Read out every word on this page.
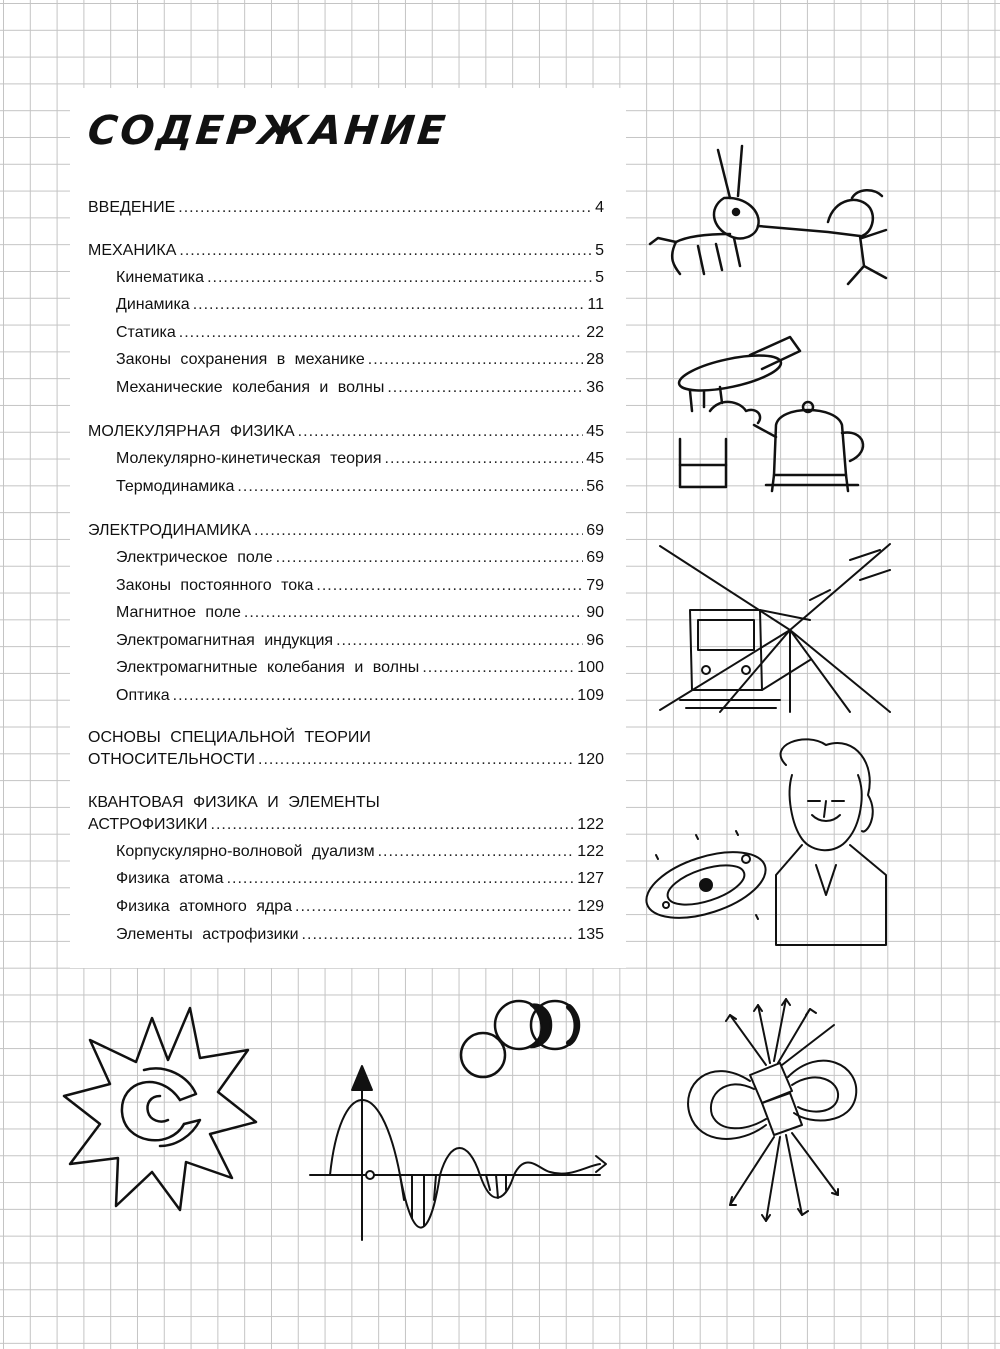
СОДЕРЖАНИЕ
ВВЕДЕНИЕ .....	4
МЕХАНИКА .....	5
Кинематика .....	5
Динамика .....	11
Статика .....	22
Законы сохранения в механике .....	28
Механические колебания и волны .....	36
МОЛЕКУЛЯРНАЯ ФИЗИКА .....	45
Молекулярно-кинетическая теория .....	45
Термодинамика .....	56
ЭЛЕКТРОДИНАМИКА .....	69
Электрическое поле .....	69
Законы постоянного тока .....	79
Магнитное поле .....	90
Электромагнитная индукция .....	96
Электромагнитные колебания и волны .....	100
Оптика .....	109
ОСНОВЫ СПЕЦИАЛЬНОЙ ТЕОРИИ
ОТНОСИТЕЛЬНОСТИ .....	120
КВАНТОВАЯ ФИЗИКА И ЭЛЕМЕНТЫ
АСТРОФИЗИКИ .....	122
Корпускулярно-волновой дуализм .....	122
Физика атома .....	127
Физика атомного ядра .....	129
Элементы астрофизики .....	135
